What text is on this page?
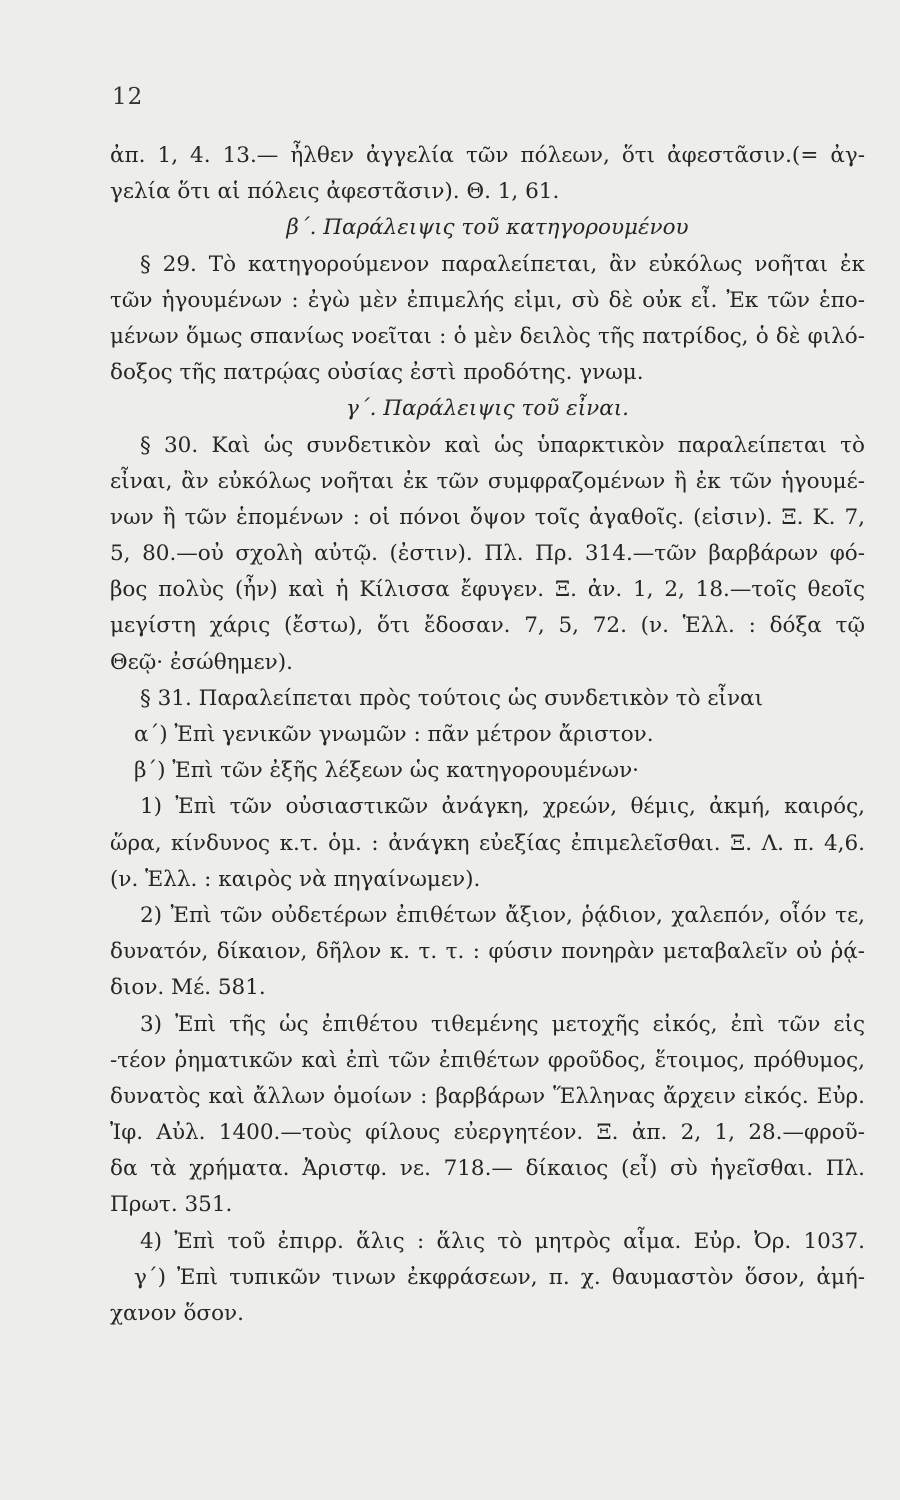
12
ἀπ. 1, 4. 13.— ἦλθεν ἀγγελία τῶν πόλεων, ὅτι ἀφεστᾶσιν.(= ἀγ-
γελία ὅτι αἱ πόλεις ἀφεστᾶσιν). Θ. 1, 61.
β΄. Παράλειψις τοῦ κατηγορουμένου
§ 29. Τὸ κατηγορούμενον παραλείπεται, ἂν εὐκόλως νοῆται ἐκ
τῶν ἡγουμένων : ἐγὼ μὲν ἐπιμελής εἰμι, σὺ δὲ οὐκ εἶ. Ἐκ τῶν ἑπο-
μένων ὅμως σπανίως νοεῖται : ὁ μὲν δειλὸς τῆς πατρίδος, ὁ δὲ φιλό-
δοξος τῆς πατρῴας οὐσίας ἐστὶ προδότης. γνωμ.
γ΄. Παράλειψις τοῦ εἶναι.
§ 30. Καὶ ὡς συνδετικὸν καὶ ὡς ὑπαρκτικὸν παραλείπεται τὸ
εἶναι, ἂν εὐκόλως νοῆται ἐκ τῶν συμφραζομένων ἢ ἐκ τῶν ἡγουμέ-
νων ἢ τῶν ἑπομένων : οἱ πόνοι ὄψον τοῖς ἀγαθοῖς. (εἰσιν). Ξ. Κ. 7,
5, 80.—οὐ σχολὴ αὐτῷ. (ἐστιν). Πλ. Πρ. 314.—τῶν βαρβάρων φό-
βος πολὺς (ἦν) καὶ ἡ Κίλισσα ἔφυγεν. Ξ. ἀν. 1, 2, 18.—τοῖς θεοῖς
μεγίστη χάρις (ἔστω), ὅτι ἔδοσαν. 7, 5, 72. (ν. Ἑλλ. : δόξα τῷ
Θεῷ· ἐσώθημεν).
§ 31. Παραλείπεται πρὸς τούτοις ὡς συνδετικὸν τὸ εἶναι
α΄) Ἐπὶ γενικῶν γνωμῶν : πᾶν μέτρον ἄριστον.
β΄) Ἐπὶ τῶν ἐξῆς λέξεων ὡς κατηγορουμένων·
1) Ἐπὶ τῶν οὐσιαστικῶν ἀνάγκη, χρεών, θέμις, ἀκμή, καιρός,
ὥρα, κίνδυνος κ.τ. ὁμ. : ἀνάγκη εὐεξίας ἐπιμελεῖσθαι. Ξ. Λ. π. 4,6.
(ν. Ἑλλ. : καιρὸς νὰ πηγαίνωμεν).
2) Ἐπὶ τῶν οὐδετέρων ἐπιθέτων ἄξιον, ῥᾴδιον, χαλεπόν, οἷόν τε,
δυνατόν, δίκαιον, δῆλον κ. τ. τ. : φύσιν πονηρὰν μεταβαλεῖν οὐ ῥᾴ-
διον. Μέ. 581.
3) Ἐπὶ τῆς ὡς ἐπιθέτου τιθεμένης μετοχῆς εἰκός, ἐπὶ τῶν εἰς
-τέον ῥηματικῶν καὶ ἐπὶ τῶν ἐπιθέτων φροῦδος, ἕτοιμος, πρόθυμος,
δυνατὸς καὶ ἄλλων ὁμοίων : βαρβάρων Ἕλληνας ἄρχειν εἰκός. Εὐρ.
Ἰφ. Αὐλ. 1400.—τοὺς φίλους εὐεργητέον. Ξ. ἀπ. 2, 1, 28.—φροῦ-
δα τὰ χρήματα. Ἀριστφ. νε. 718.— δίκαιος (εἶ) σὺ ἡγεῖσθαι. Πλ.
Πρωτ. 351.
4) Ἐπὶ τοῦ ἐπιρρ. ἅλις : ἅλις τὸ μητρὸς αἷμα. Εὐρ. Ὀρ. 1037.
γ΄) Ἐπὶ τυπικῶν τινων ἐκφράσεων, π. χ. θαυμαστὸν ὅσον, ἀμή-
χανον ὅσον.
